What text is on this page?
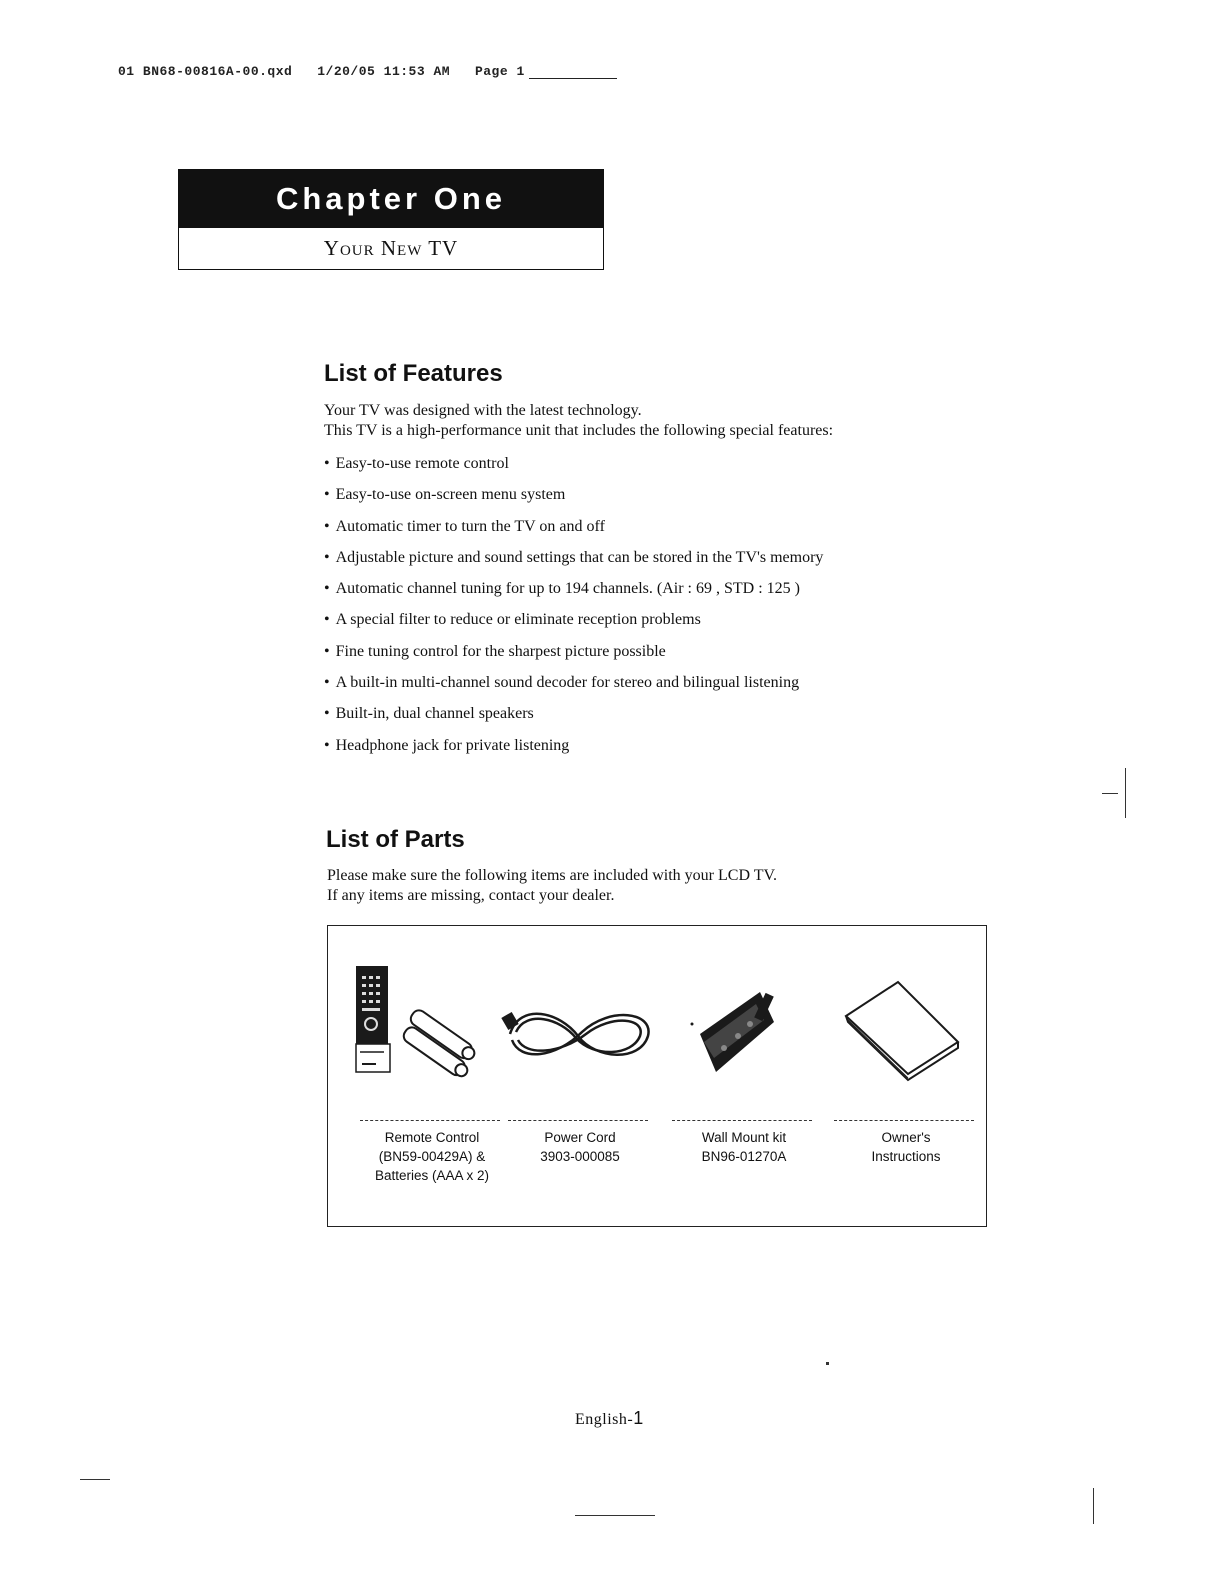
01 BN68-00816A-00.qxd   1/20/05 11:53 AM   Page 1
Chapter One
Your New TV
List of Features
Your TV was designed with the latest technology.
This TV is a high-performance unit that includes the following special features:
• Easy-to-use remote control
• Easy-to-use on-screen menu system
• Automatic timer to turn the TV on and off
• Adjustable picture and sound settings that can be stored in the TV's memory
• Automatic channel tuning for up to 194 channels. (Air : 69 , STD : 125 )
• A special filter to reduce or eliminate reception problems
• Fine tuning control for the sharpest picture possible
• A built-in multi-channel sound decoder for stereo and bilingual listening
• Built-in, dual channel speakers
• Headphone jack for private listening
List of Parts
Please make sure the following items are included with your LCD TV.
If any items are missing, contact your dealer.
Remote Control
(BN59-00429A) &
Batteries (AAA x 2)
Power Cord
3903-000085
Wall Mount kit
BN96-01270A
Owner's
Instructions
English-1
